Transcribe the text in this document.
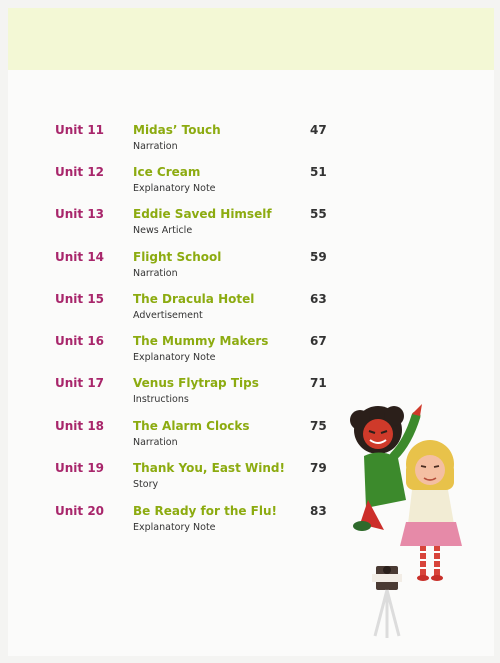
Unit 11 Midas’ Touch
Narration
47
Unit 12 Ice Cream
Explanatory Note
51
Unit 13 Eddie Saved Himself
News Article
55
Unit 14 Flight School
Narration
59
Unit 15 The Dracula Hotel
Advertisement
63
Unit 16 The Mummy Makers
Explanatory Note
67
Unit 17 Venus Flytrap Tips
Instructions
71
Unit 18 The Alarm Clocks
Narration
75
Unit 19 Thank You, East Wind!
Story
79
Unit 20 Be Ready for the Flu!
Explanatory Note
83
